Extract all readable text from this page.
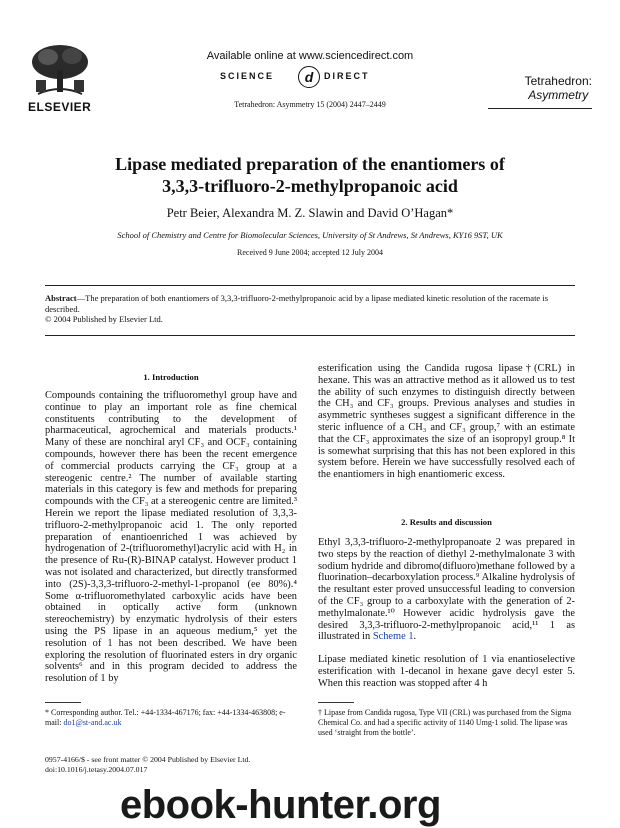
ELSEVIER
Available online at www.sciencedirect.com
SCIENCE	d	DIRECT
Tetrahedron: Asymmetry 15 (2004) 2447–2449
Tetrahedron:
Asymmetry
Lipase mediated preparation of the enantiomers of
3,3,3-trifluoro-2-methylpropanoic acid
Petr Beier, Alexandra M. Z. Slawin and David O’Hagan*
School of Chemistry and Centre for Biomolecular Sciences, University of St Andrews, St Andrews, KY16 9ST, UK
Received 9 June 2004; accepted 12 July 2004
Abstract—The preparation of both enantiomers of 3,3,3-trifluoro-2-methylpropanoic acid by a lipase mediated kinetic resolution of the racemate is described.
© 2004 Published by Elsevier Ltd.
1. Introduction

Compounds containing the trifluoromethyl group have and continue to play an important role as fine chemical constituents contributing to the development of pharmaceutical, agrochemical and materials products.¹ Many of these are nonchiral aryl CF₃ and OCF₃ containing compounds, however there has been the recent emergence of commercial products carrying the CF₃ group at a stereogenic centre.² The number of available starting materials in this category is few and methods for preparing compounds with the CF₃ at a stereogenic centre are limited.³ Herein we report the lipase mediated resolution of 3,3,3-trifluoro-2-methylpropanoic acid 1. The only reported preparation of enantioenriched 1 was achieved by hydrogenation of 2-(trifluoromethyl)acrylic acid with H₂ in the presence of Ru-(R)-BINAP catalyst. However product 1 was not isolated and characterized, but directly transformed into (2S)-3,3,3-trifluoro-2-methyl-1-propanol (ee 80%).⁴ Some α-trifluoromethylated carboxylic acids have been obtained in optically active form (unknown stereochemistry) by enzymatic hydrolysis of their esters using the PS lipase in an aqueous medium,⁵ yet the resolution of 1 has not been described. We have been exploring the resolution of fluorinated esters in dry organic solvents⁶ and in this program decided to address the resolution of 1 by

esterification using the Candida rugosa lipase†(CRL) in hexane. This was an attractive method as it allowed us to test the ability of such enzymes to distinguish directly between the CH₃ and CF₃ groups. Previous analyses and studies in asymmetric syntheses suggest a significant difference in the steric influence of a CH₃ and CF₃ group,⁷ with an estimate that the CF₃ approximates the size of an isopropyl group.⁸ It is somewhat surprising that this has not been explored in this system before. Herein we have successfully resolved each of the enantiomers in high enantiomeric excess.

2. Results and discussion

Ethyl 3,3,3-trifluoro-2-methylpropanoate 2 was prepared in two steps by the reaction of diethyl 2-methylmalonate 3 with sodium hydride and dibromo(difluoro)methane followed by a fluorination–decarboxylation process.⁹ Alkaline hydrolysis of the resultant ester proved unsuccessful leading to conversion of the CF₃ group to a carboxylate with the generation of 2-methylmalonate.¹⁰ However acidic hydrolysis gave the desired 3,3,3-trifluoro-2-methylpropanoic acid,¹¹ 1 as illustrated in Scheme 1.

Lipase mediated kinetic resolution of 1 via enantioselective esterification with 1-decanol in hexane gave decyl ester 5. When this reaction was stopped after 4 h

* Corresponding author. Tel.: +44-1334-467176; fax: +44-1334-463808; e-mail: do1@st-and.ac.uk
† Lipase from Candida rugosa, Type VII (CRL) was purchased from the Sigma Chemical Co. and had a specific activity of 1140 Umg-1 solid. The lipase was used ‘straight from the bottle’.
0957-4166/$ - see front matter © 2004 Published by Elsevier Ltd.
doi:10.1016/j.tetasy.2004.07.017
ebook-hunter.org
